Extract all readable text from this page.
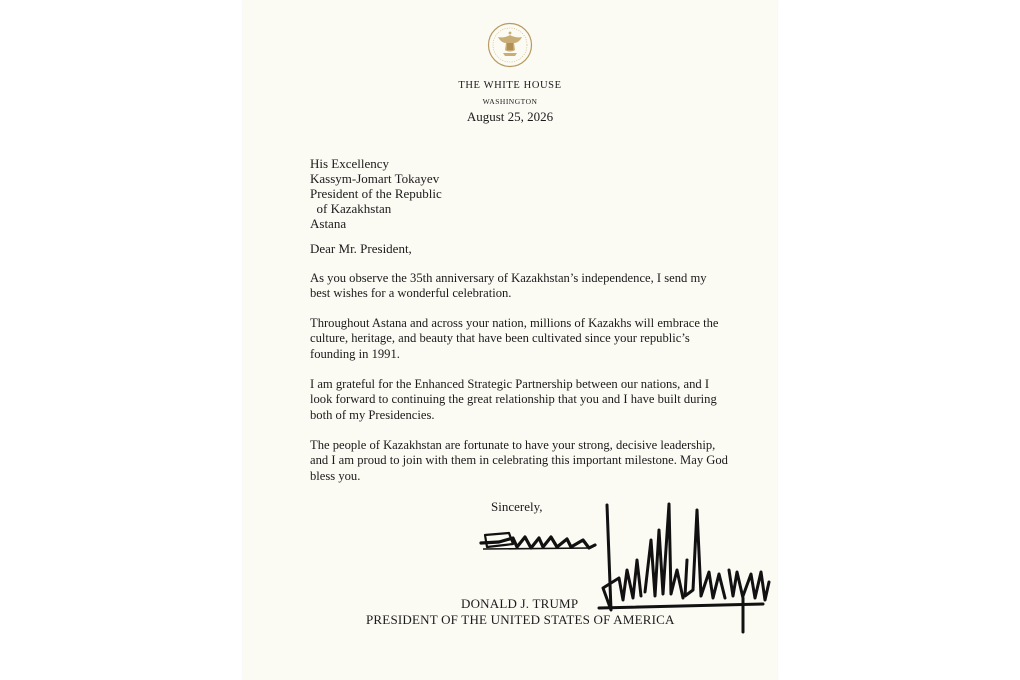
THE WHITE HOUSE
WASHINGTON
August 25, 2026
His Excellency
Kassym-Jomart Tokayev
President of the Republic
of Kazakhstan
Astana
Dear Mr. President,

As you observe the 35th anniversary of Kazakhstan’s independence, I send my best wishes for a wonderful celebration.

Throughout Astana and across your nation, millions of Kazakhs will embrace the culture, heritage, and beauty that have been cultivated since your republic’s founding in 1991.

I am grateful for the Enhanced Strategic Partnership between our nations, and I look forward to continuing the great relationship that you and I have built during both of my Presidencies.

The people of Kazakhstan are fortunate to have your strong, decisive leadership, and I am proud to join with them in celebrating this important milestone. May God bless you.

Sincerely,
DONALD J. TRUMP
PRESIDENT OF THE UNITED STATES OF AMERICA
